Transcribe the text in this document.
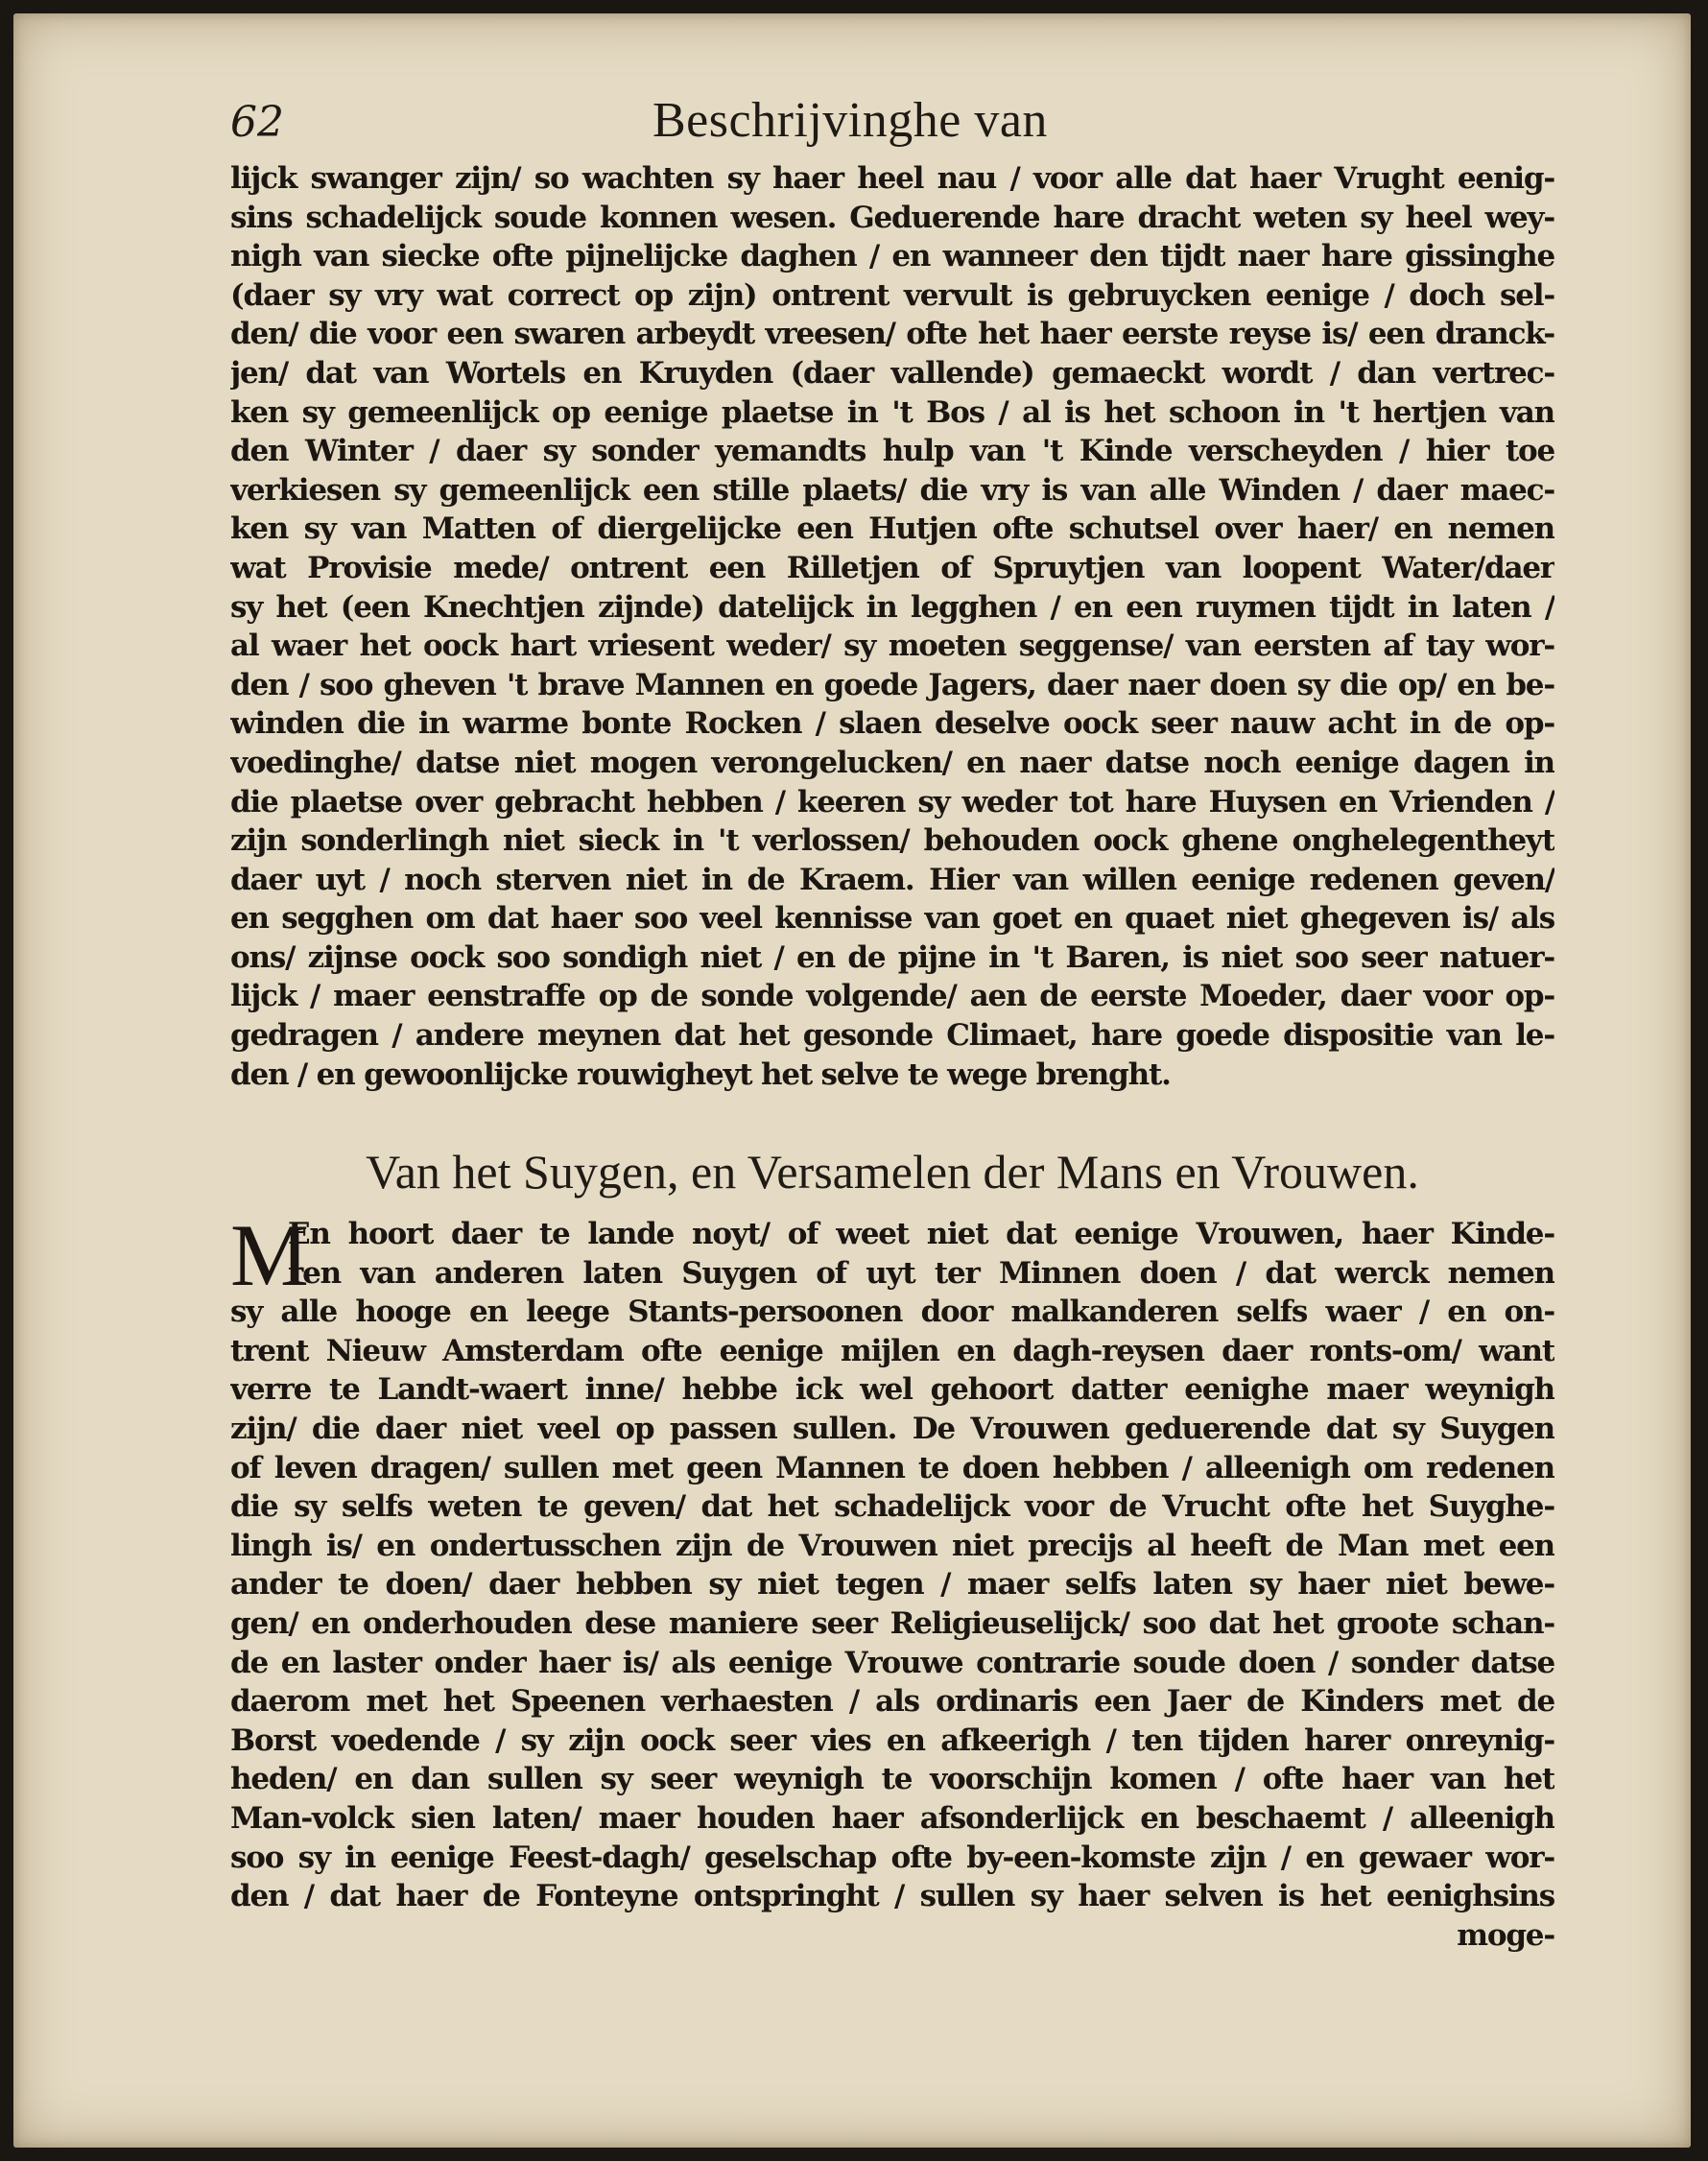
62	Beschrijvinghe van
lijck swanger zijn/ so wachten sy haer heel nau / voor alle dat haer Vrught eenig-
sins schadelijck soude konnen wesen. Geduerende hare dracht weten sy heel wey-
nigh van siecke ofte pijnelijcke daghen / en wanneer den tijdt naer hare gissinghe
(daer sy vry wat correct op zijn) ontrent vervult is gebruycken eenige / doch sel-
den/ die voor een swaren arbeydt vreesen/ ofte het haer eerste reyse is/ een dranck-
jen/ dat van Wortels en Kruyden (daer vallende) gemaeckt wordt / dan vertrec-
ken sy gemeenlijck op eenige plaetse in 't Bos / al is het schoon in 't hertjen van
den Winter / daer sy sonder yemandts hulp van 't Kinde verscheyden / hier toe
verkiesen sy gemeenlijck een stille plaets/ die vry is van alle Winden / daer maec-
ken sy van Matten of diergelijcke een Hutjen ofte schutsel over haer/ en nemen
wat Provisie mede/ ontrent een Rilletjen of Spruytjen van loopent Water/daer
sy het (een Knechtjen zijnde) datelijck in legghen / en een ruymen tijdt in laten /
al waer het oock hart vriesent weder/ sy moeten seggense/ van eersten af tay wor-
den / soo gheven 't brave Mannen en goede Jagers, daer naer doen sy die op/ en be-
winden die in warme bonte Rocken / slaen deselve oock seer nauw acht in de op-
voedinghe/ datse niet mogen verongelucken/ en naer datse noch eenige dagen in
die plaetse over gebracht hebben / keeren sy weder tot hare Huysen en Vrienden /
zijn sonderlingh niet sieck in 't verlossen/ behouden oock ghene onghelegentheyt
daer uyt / noch sterven niet in de Kraem. Hier van willen eenige redenen geven/
en segghen om dat haer soo veel kennisse van goet en quaet niet ghegeven is/ als
ons/ zijnse oock soo sondigh niet / en de pijne in 't Baren, is niet soo seer natuer-
lijck / maer eenstraffe op de sonde volgende/ aen de eerste Moeder, daer voor op-
gedragen / andere meynen dat het gesonde Climaet, hare goede dispositie van le-
den / en gewoonlijcke rouwigheyt het selve te wege brenght.
Van het Suygen, en Versamelen der Mans en Vrouwen.
M
En hoort daer te lande noyt/ of weet niet dat eenige Vrouwen, haer Kinde-
ren van anderen laten Suygen of uyt ter Minnen doen / dat werck nemen
sy alle hooge en leege Stants-persoonen door malkanderen selfs waer / en on-
trent Nieuw Amsterdam ofte eenige mijlen en dagh-reysen daer ronts-om/ want
verre te Landt-waert inne/ hebbe ick wel gehoort datter eenighe maer weynigh
zijn/ die daer niet veel op passen sullen. De Vrouwen geduerende dat sy Suygen
of leven dragen/ sullen met geen Mannen te doen hebben / alleenigh om redenen
die sy selfs weten te geven/ dat het schadelijck voor de Vrucht ofte het Suyghe-
lingh is/ en ondertusschen zijn de Vrouwen niet precijs al heeft de Man met een
ander te doen/ daer hebben sy niet tegen / maer selfs laten sy haer niet bewe-
gen/ en onderhouden dese maniere seer Religieuselijck/ soo dat het groote schan-
de en laster onder haer is/ als eenige Vrouwe contrarie soude doen / sonder datse
daerom met het Speenen verhaesten / als ordinaris een Jaer de Kinders met de
Borst voedende / sy zijn oock seer vies en afkeerigh / ten tijden harer onreynig-
heden/ en dan sullen sy seer weynigh te voorschijn komen / ofte haer van het
Man-volck sien laten/ maer houden haer afsonderlijck en beschaemt / alleenigh
soo sy in eenige Feest-dagh/ geselschap ofte by-een-komste zijn / en gewaer wor-
den / dat haer de Fonteyne ontspringht / sullen sy haer selven is het eenighsins
moge-
